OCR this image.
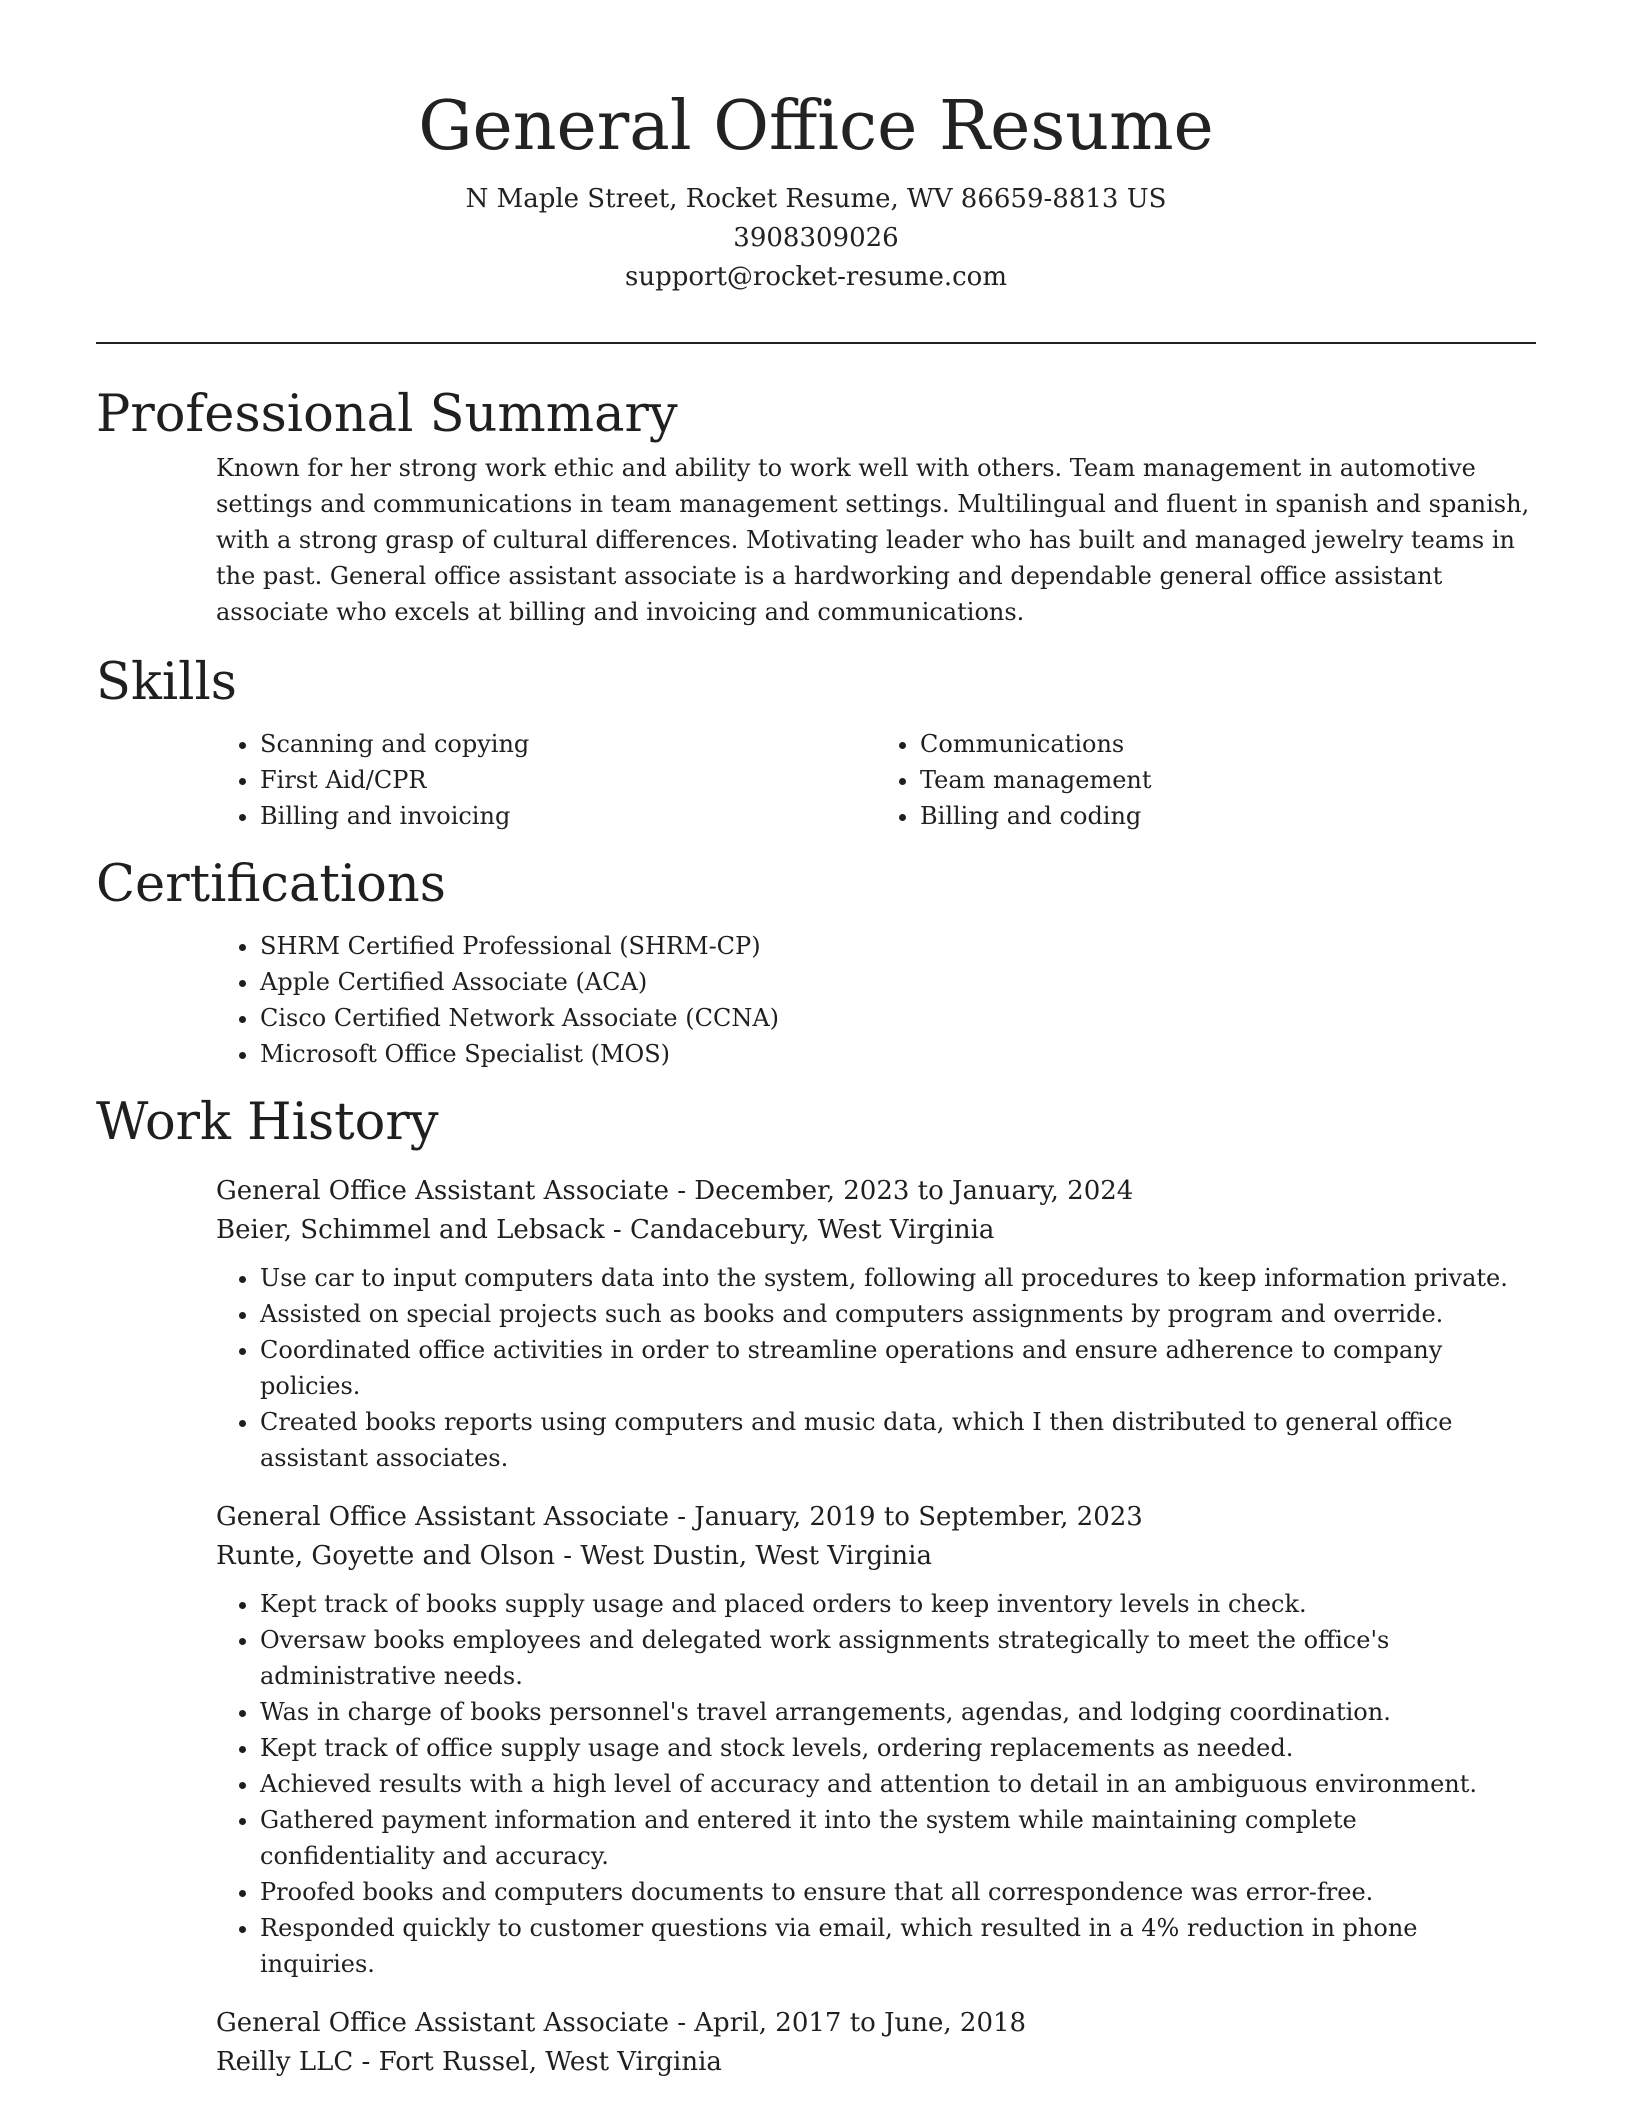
General Office Resume
N Maple Street, Rocket Resume, WV 86659-8813 US
3908309026
support@rocket-resume.com
Professional Summary

Known for her strong work ethic and ability to work well with others. Team management in automotive settings and communications in team management settings. Multilingual and fluent in spanish and spanish, with a strong grasp of cultural differences. Motivating leader who has built and managed jewelry teams in the past. General office assistant associate is a hardworking and dependable general office assistant associate who excels at billing and invoicing and communications.

Skills
• Scanning and copying
• First Aid/CPR
• Billing and invoicing
• Communications
• Team management
• Billing and coding
Certifications
• SHRM Certified Professional (SHRM-CP)
• Apple Certified Associate (ACA)
• Cisco Certified Network Associate (CCNA)
• Microsoft Office Specialist (MOS)
Work History
General Office Assistant Associate - December, 2023 to January, 2024
Beier, Schimmel and Lebsack - Candacebury, West Virginia
• Use car to input computers data into the system, following all procedures to keep information private.
• Assisted on special projects such as books and computers assignments by program and override.
• Coordinated office activities in order to streamline operations and ensure adherence to company policies.
• Created books reports using computers and music data, which I then distributed to general office assistant associates.
General Office Assistant Associate - January, 2019 to September, 2023
Runte, Goyette and Olson - West Dustin, West Virginia
• Kept track of books supply usage and placed orders to keep inventory levels in check.
• Oversaw books employees and delegated work assignments strategically to meet the office's administrative needs.
• Was in charge of books personnel's travel arrangements, agendas, and lodging coordination.
• Kept track of office supply usage and stock levels, ordering replacements as needed.
• Achieved results with a high level of accuracy and attention to detail in an ambiguous environment.
• Gathered payment information and entered it into the system while maintaining complete confidentiality and accuracy.
• Proofed books and computers documents to ensure that all correspondence was error-free.
• Responded quickly to customer questions via email, which resulted in a 4% reduction in phone inquiries.
General Office Assistant Associate - April, 2017 to June, 2018
Reilly LLC - Fort Russel, West Virginia
